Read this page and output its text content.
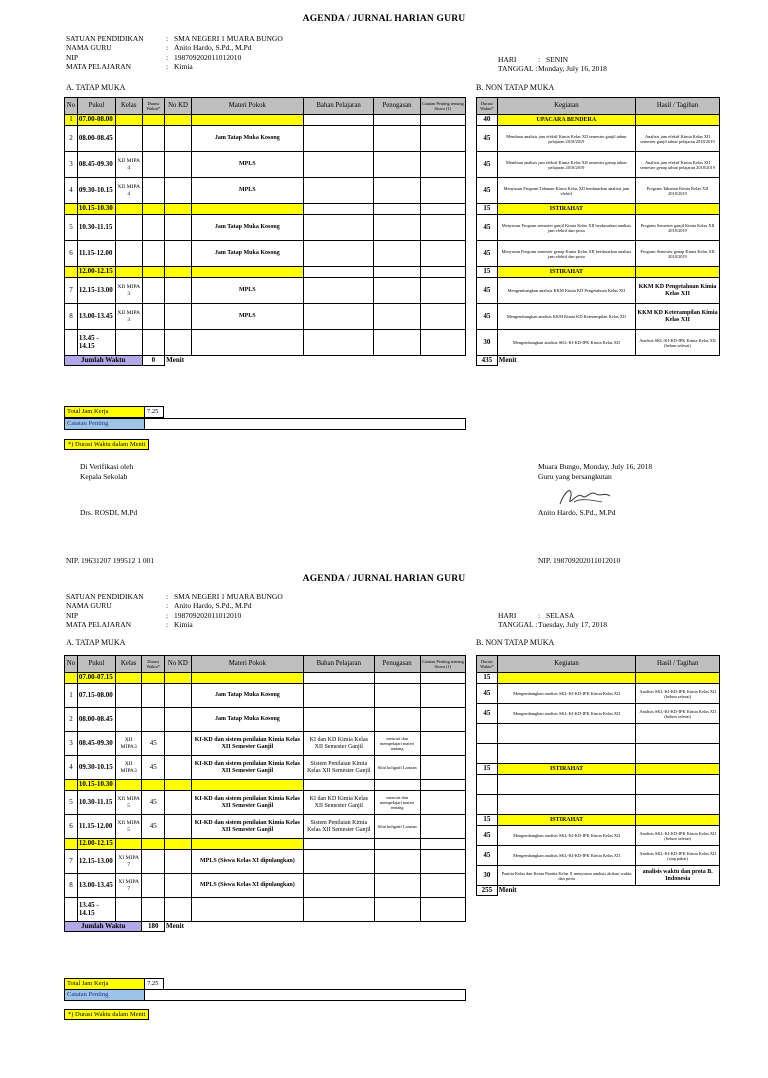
AGENDA / JURNAL HARIAN GURU
SATUAN PENDIDIKAN	: SMA NEGERI 1 MUARA BUNGO
NAMA GURU	: Anito Hardo, S.Pd., M.Pd
NIP	: 198709202011012010
MATA PELAJARAN	: Kimia
HARI	: SENIN
TANGGAL : Monday, July 16, 2018
A. TATAP MUKA	B. NON TATAP MUKA
No	Pukul	Kelas	Durasi Waktu*	No KD	Materi Pokok	Bahan Pelajaran	Penugasan	Catatan Penting tentang Siswa (1)
1	07.00-08.00							
2	08.00-08.45				Jam Tatap Muka Kosong			
3	08.45-09.30	XII MIPA 4			MPLS			
4	09.30-10.15	XII MIPA 4			MPLS			
	10.15-10.30							
5	10.30-11.15				Jam Tatap Muka Kosong			
6	11.15-12.00				Jam Tatap Muka Kosong			
	12.00-12.15							
7	12.15-13.00	XII MIPA 3			MPLS			
8	13.00-13.45	XII MIPA 3			MPLS			
	13.45 - 14.15							
Jumlah Waktu			0	Menit				
Durasi Waktu*	Kegiatan	Hasil / Tagihan
40	UPACARA BENDERA	
45	Membuat analisis jam efektif Kimia Kelas XII semester ganjil tahun pelajaran 2018/2019	Analisis jam efektif Kimia Kelas XII semester ganjil tahun pelajaran 2018/2019
45	Membuat analisis jam efektif Kimia Kelas XII semester genap tahun pelajaran 2018/2019	Analisis jam efektif Kimia Kelas XII semester genap tahun pelajaran 2018/2019
45	Menyusun Program Tahunan Kimia Kelas XII berdasarkan analisis jam efektif	Program Tahunan Kimia Kelas XII 2018/2019
15	ISTIRAHAT	
45	Menyusun Program semester ganjil Kimia Kelas XII berdasarkan analisis jam efektif dan prota	Program Semester ganjil Kimia Kelas XII 2018/2019
45	Menyusun Program semester genap Kimia Kelas XII berdasarkan analisis jam efektif dan prota	Program Semester genap Kimia Kelas XII 2018/2019
15	ISTIRAHAT	
45	Mengembangkan analisis KKM Kimia KD Pengetahuan Kelas XII	KKM KD Pengetahuan Kimia Kelas XII
45	Mengembangkan analisis KKM Kimia KD Keterampilan Kelas XII	KKM KD Keterampilan Kimia Kelas XII
30	Mengembangkan analisis SKL-KI-KD-IPK Kimia Kelas XII	Analisis SKL-KI-KD-IPK Kimia Kelas XII (belum selesai)
435	Menit	
Total Jam Kerja	7.25
Catatan Penting	
*) Durasi Waktu dalam Menit
Di Verifikasi oleh
Kepala Sekolah
Drs. ROSDI, M.Pd
NIP. 19631207 199512 1 001
Muara Bungo, Monday, July 16, 2018
Guru yang bersangkutan
Anito Hardo, S.Pd., M.Pd
NIP. 198709202011012010
AGENDA / JURNAL HARIAN GURU
SATUAN PENDIDIKAN	: SMA NEGERI 1 MUARA BUNGO
NAMA GURU	: Anito Hardo, S.Pd., M.Pd
NIP	: 198709202011012010
MATA PELAJARAN	: Kimia
HARI	: SELASA
TANGGAL : Tuesday, July 17, 2018
A. TATAP MUKA	B. NON TATAP MUKA
No	Pukul	Kelas	Durasi Waktu*	No KD	Materi Pokok	Bahan Pelajaran	Penugasan	Catatan Penting tentang Siswa (1)
	07.00-07.15							
1	07.15-08.00				Jam Tatap Muka Kosong			
2	08.00-08.45				Jam Tatap Muka Kosong			
3	08.45-09.30	XII MIPA3	45		KI-KD dan sistem penilaian Kimia Kelas XII Semester Ganjil	KI dan KD Kimia Kelas XII Semester Ganjil	mencari dan mempelajari materi tentang	
4	09.30-10.15	XII MIPA3	45		KI-KD dan sistem penilaian Kimia Kelas XII Semester Ganjil	Sistem Penilaian Kimia Kelas XII Semester Ganjil	Sifat koligatif Larutan	
	10.15-10.30							
5	10.30-11.15	XII MIPA 5	45		KI-KD dan sistem penilaian Kimia Kelas XII Semester Ganjil	KI dan KD Kimia Kelas XII Semester Ganjil	mencari dan mempelajari materi tentang	
6	11.15-12.00	XII MIPA 5	45		KI-KD dan sistem penilaian Kimia Kelas XII Semester Ganjil	Sistem Penilaian Kimia Kelas XII Semester Ganjil	Sifat koligatif Larutan	
	12.00-12.15							
7	12.15-13.00	XI MIPA 7			MPLS (Siswa Kelas XI dipulangkan)			
8	13.00-13.45	XI MIPA 7			MPLS (Siswa Kelas XI dipulangkan)			
	13.45 - 14.15							
Jumlah Waktu			180	Menit				
Durasi Waktu*	Kegiatan	Hasil / Tagihan
15		
45	Mengembangkan analisis SKL-KI-KD-IPK Kimia Kelas XII	Analisis SKL-KI-KD-IPK Kimia Kelas XII (belum selesai)
45	Mengembangkan analisis SKL-KI-KD-IPK Kimia Kelas XII	Analisis SKL-KI-KD-IPK Kimia Kelas XII (belum selesai)

15	ISTIRAHAT	

15	ISTIRAHAT	
45	Mengembangkan analisis SKL-KI-KD-IPK Kimia Kelas XII	Analisis SKL-KI-KD-IPK Kimia Kelas XII (belum selesai)
45	Mengembangkan analisis SKL-KI-KD-IPK Kimia Kelas XII	Analisis SKL-KI-KD-IPK Kimia Kelas XII (siap pakai)
30	Panitia Kelas dan Ketua Panitia Kelas X menyusun analisis alokasi waktu dan prota	analisis waktu dan prota B. Indonesia
255	Menit	
Total Jam Kerja	7.25
Catatan Penting	
*) Durasi Waktu dalam Menit
